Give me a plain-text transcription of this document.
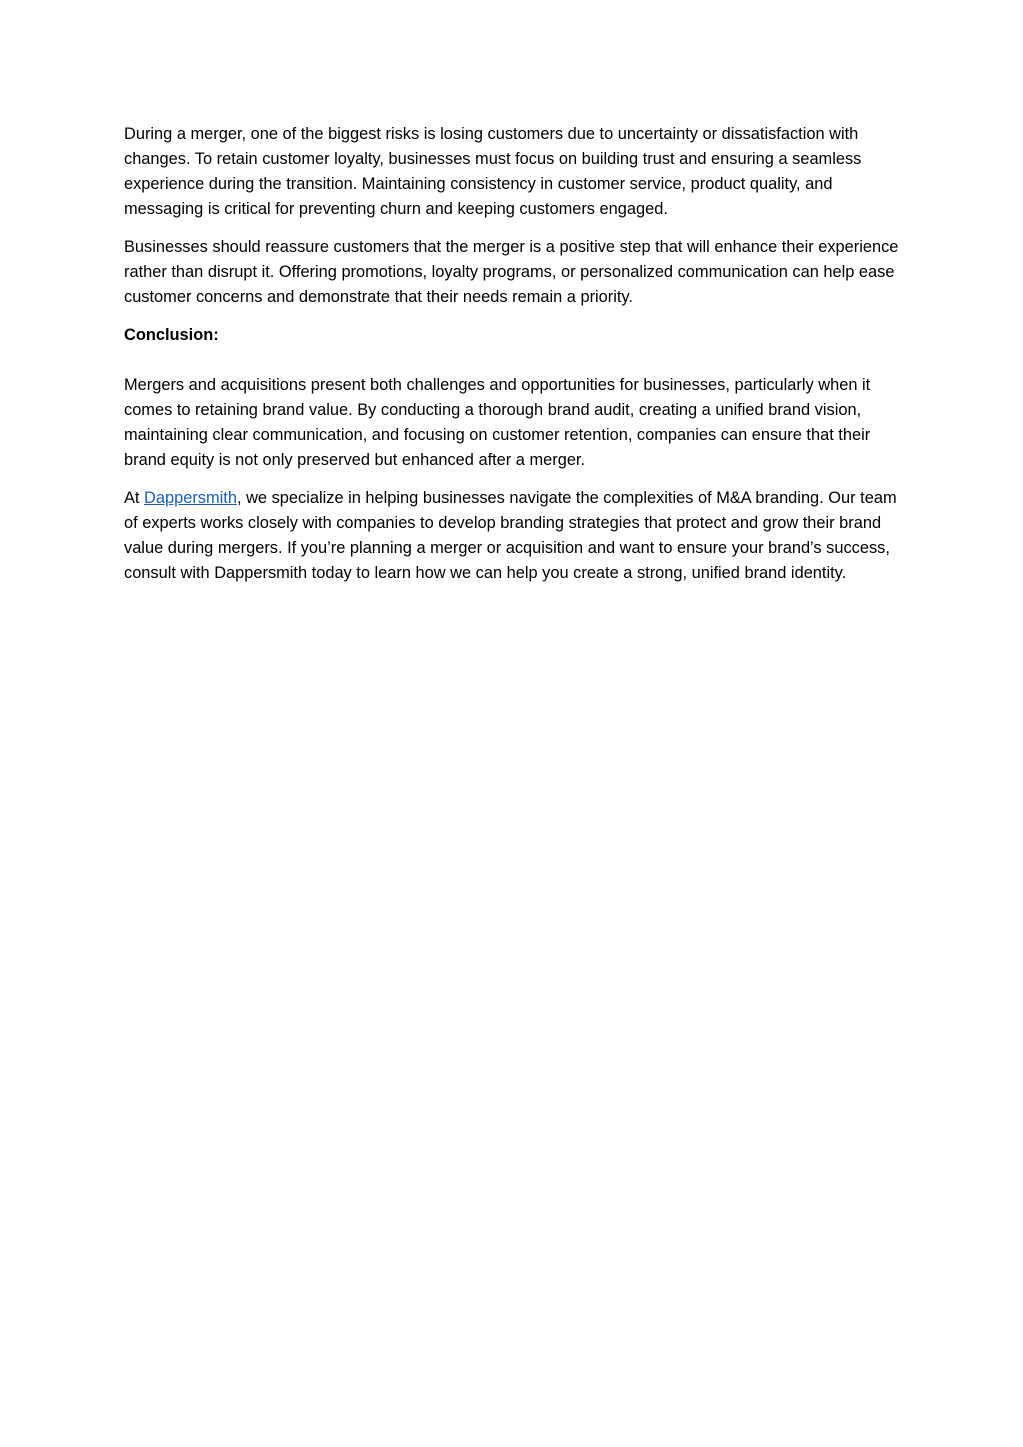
During a merger, one of the biggest risks is losing customers due to uncertainty or dissatisfaction with changes. To retain customer loyalty, businesses must focus on building trust and ensuring a seamless experience during the transition. Maintaining consistency in customer service, product quality, and messaging is critical for preventing churn and keeping customers engaged.

Businesses should reassure customers that the merger is a positive step that will enhance their experience rather than disrupt it. Offering promotions, loyalty programs, or personalized communication can help ease customer concerns and demonstrate that their needs remain a priority.

Conclusion:

Mergers and acquisitions present both challenges and opportunities for businesses, particularly when it comes to retaining brand value. By conducting a thorough brand audit, creating a unified brand vision, maintaining clear communication, and focusing on customer retention, companies can ensure that their brand equity is not only preserved but enhanced after a merger.

At Dappersmith, we specialize in helping businesses navigate the complexities of M&A branding. Our team of experts works closely with companies to develop branding strategies that protect and grow their brand value during mergers. If you’re planning a merger or acquisition and want to ensure your brand’s success, consult with Dappersmith today to learn how we can help you create a strong, unified brand identity.
